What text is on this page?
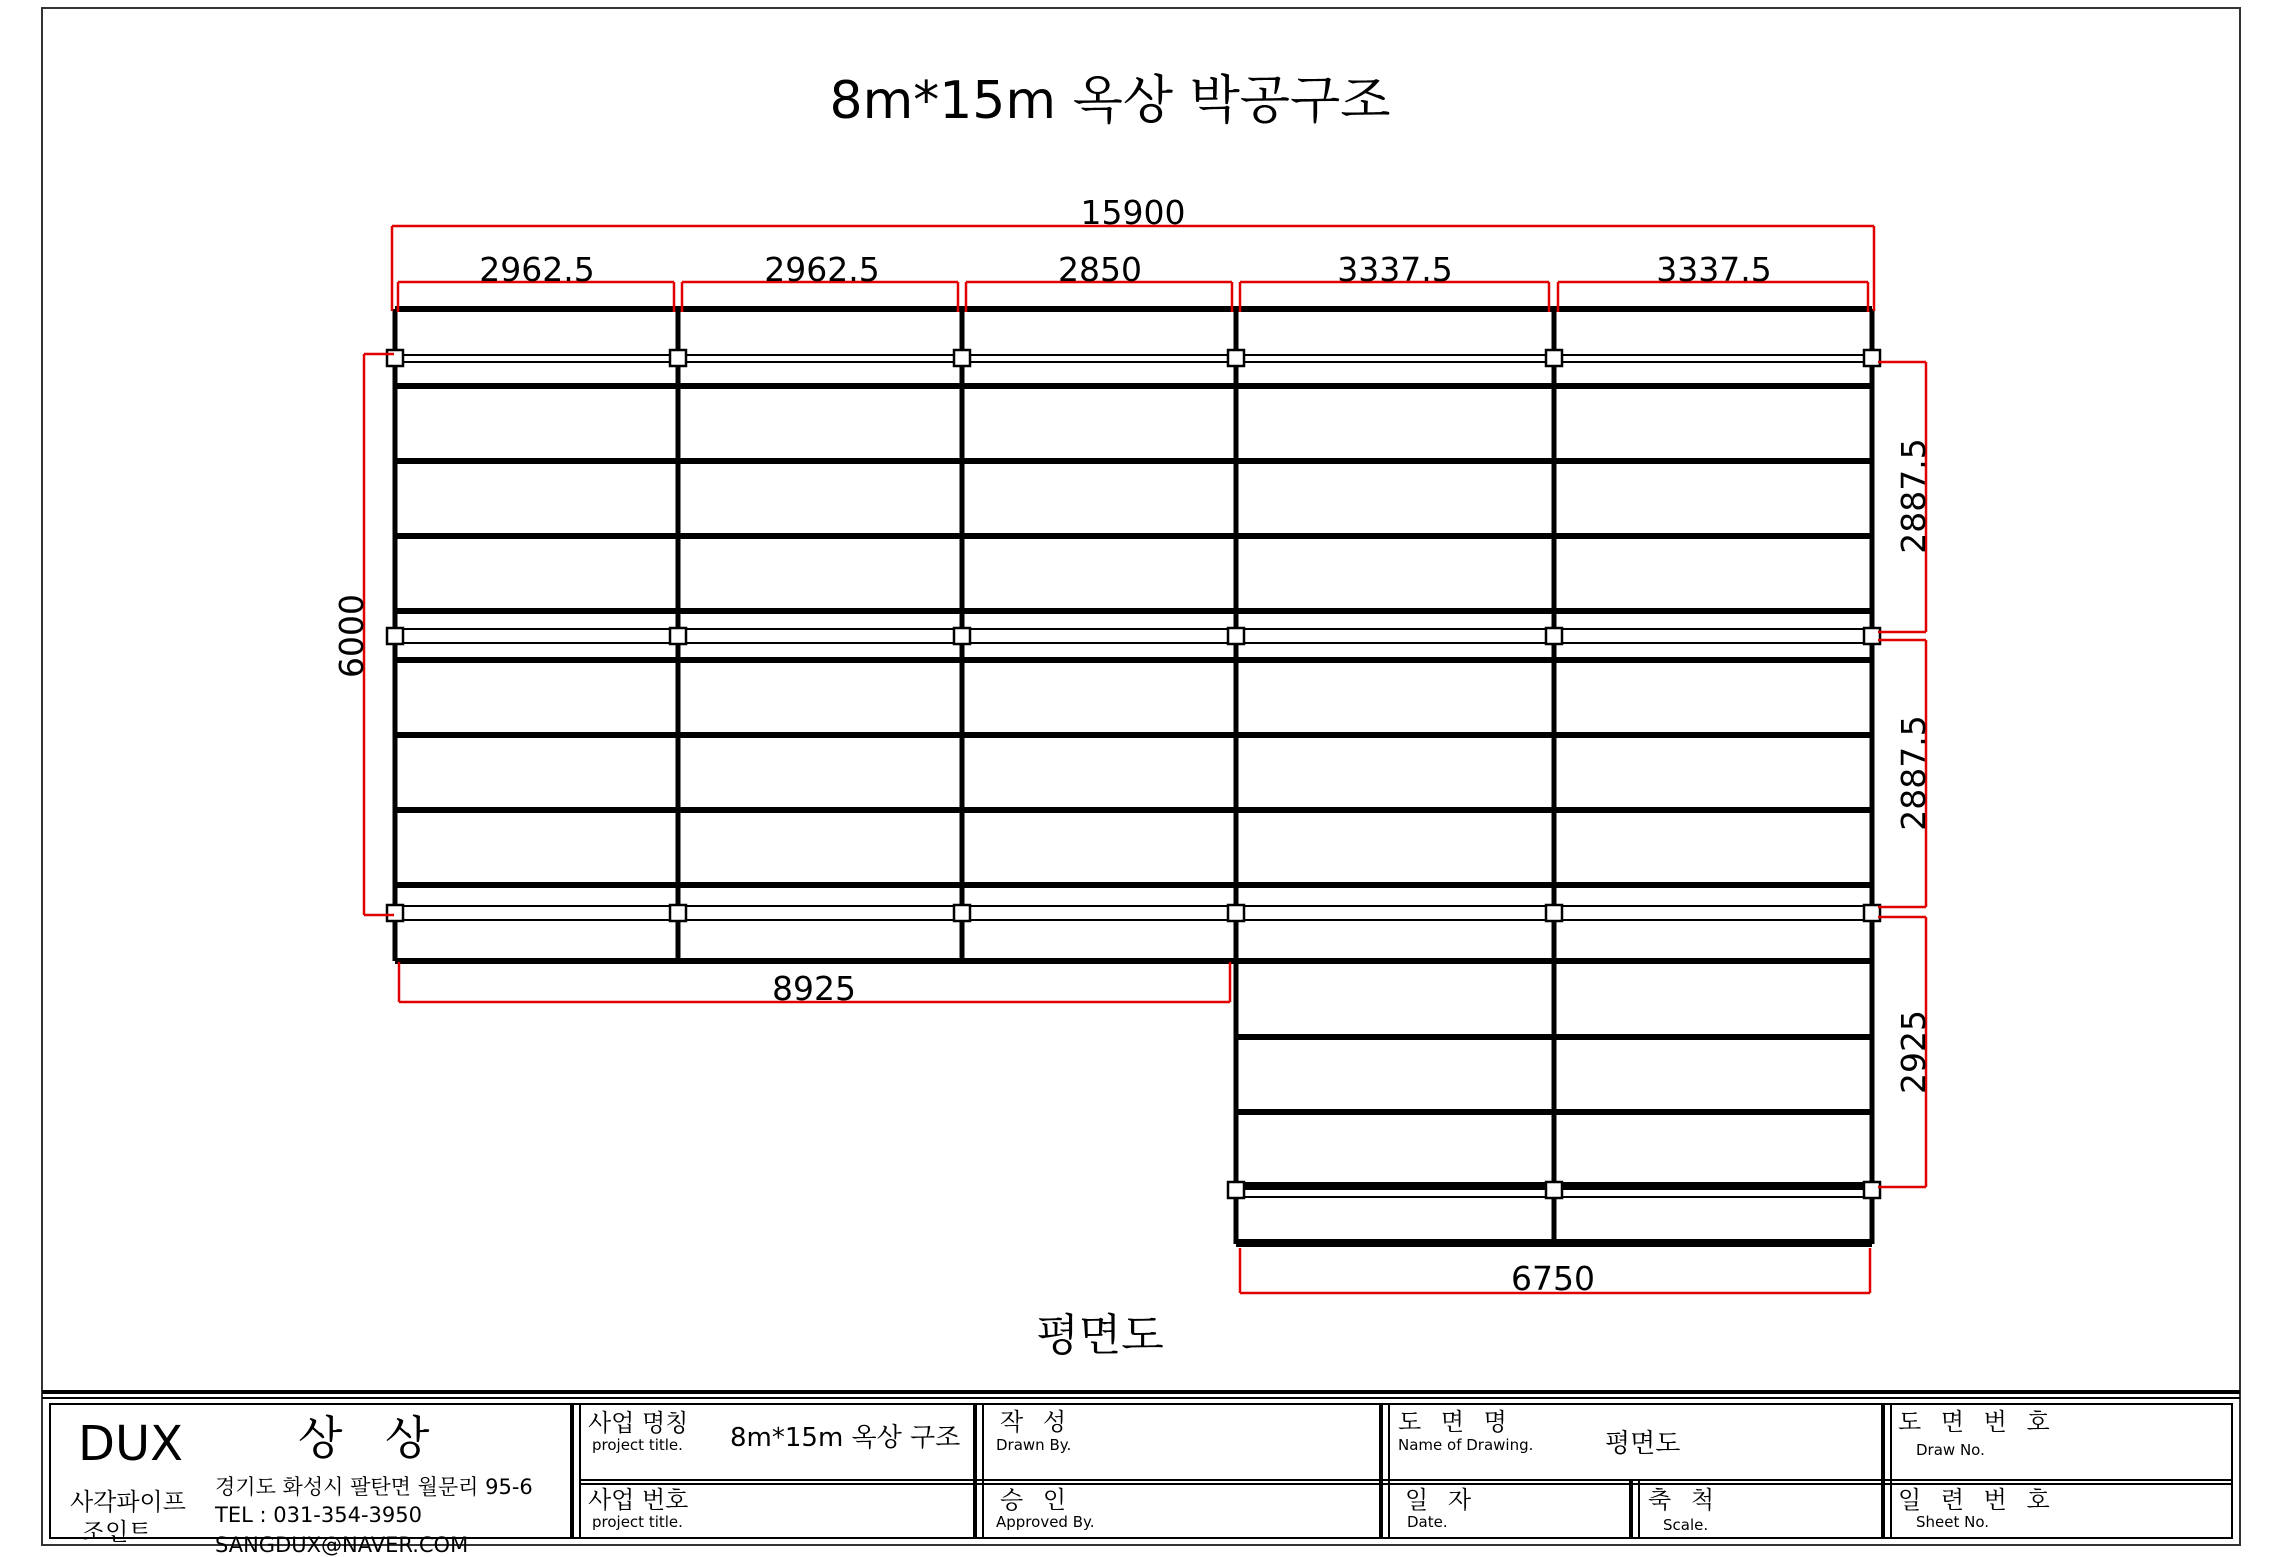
8m*15m 옥상 박공구조
15900
2962.5	2962.5	2850	3337.5	3337.5
6000
2887.5
2887.5
2925
8925
6750
평면도
DUX	상 상
사각파이프
조인트
경기도 화성시 팔탄면 월문리 95-6
TEL : 031-354-3950
SANGDUX@NAVER.COM
사업 명칭
project title. 8m*15m 옥상 구조
사업 번호
project title.
작 성
Drawn By.
승 인
Approved By.
도 면 명
Name of Drawing.	평면도
일 자
Date.
축 척
Scale.
도 면 번 호
Draw No.
일 련 번 호
Sheet No.
